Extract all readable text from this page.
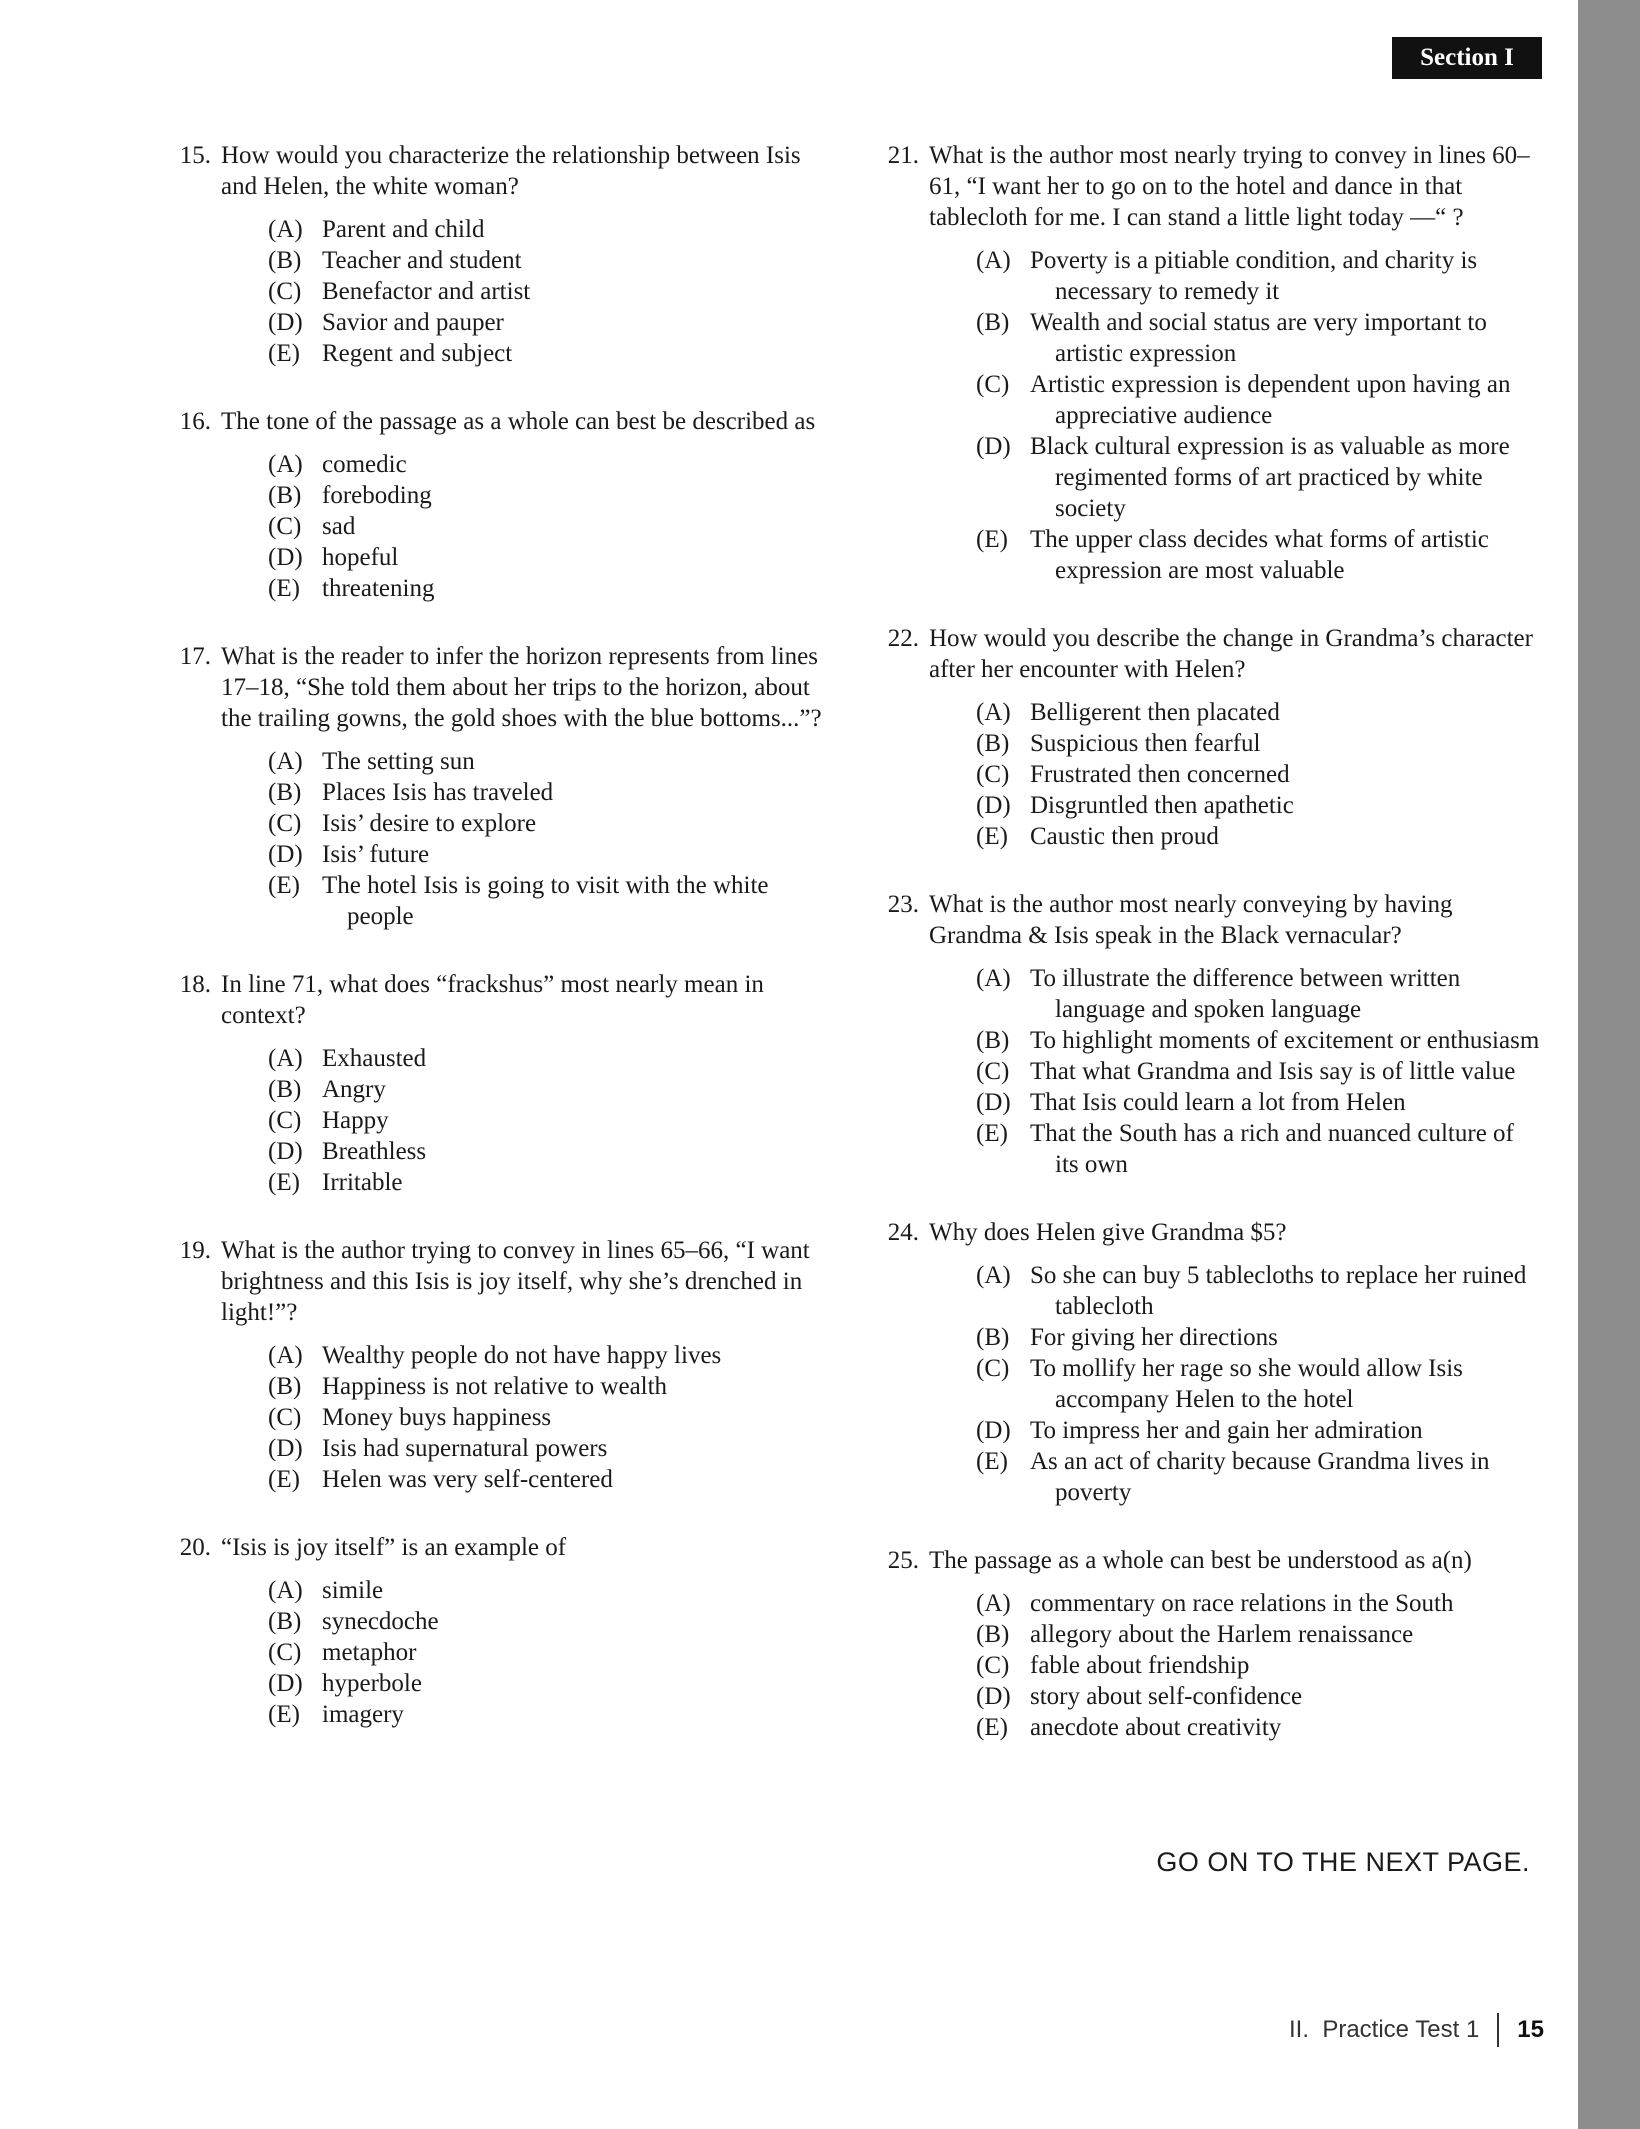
Section I
15. How would you characterize the relationship between Isis and Helen, the white woman?
(A) Parent and child
(B) Teacher and student
(C) Benefactor and artist
(D) Savior and pauper
(E) Regent and subject
16. The tone of the passage as a whole can best be described as
(A) comedic
(B) foreboding
(C) sad
(D) hopeful
(E) threatening
17. What is the reader to infer the horizon represents from lines 17–18, “She told them about her trips to the horizon, about the trailing gowns, the gold shoes with the blue bottoms...”?
(A) The setting sun
(B) Places Isis has traveled
(C) Isis’ desire to explore
(D) Isis’ future
(E) The hotel Isis is going to visit with the white people
18. In line 71, what does “frackshus” most nearly mean in context?
(A) Exhausted
(B) Angry
(C) Happy
(D) Breathless
(E) Irritable
19. What is the author trying to convey in lines 65–66, “I want brightness and this Isis is joy itself, why she’s drenched in light!”?
(A) Wealthy people do not have happy lives
(B) Happiness is not relative to wealth
(C) Money buys happiness
(D) Isis had supernatural powers
(E) Helen was very self-centered
20. “Isis is joy itself” is an example of
(A) simile
(B) synecdoche
(C) metaphor
(D) hyperbole
(E) imagery
21. What is the author most nearly trying to convey in lines 60–61, “I want her to go on to the hotel and dance in that tablecloth for me. I can stand a little light today —“ ?
(A) Poverty is a pitiable condition, and charity is necessary to remedy it
(B) Wealth and social status are very important to artistic expression
(C) Artistic expression is dependent upon having an appreciative audience
(D) Black cultural expression is as valuable as more regimented forms of art practiced by white society
(E) The upper class decides what forms of artistic expression are most valuable
22. How would you describe the change in Grandma’s character after her encounter with Helen?
(A) Belligerent then placated
(B) Suspicious then fearful
(C) Frustrated then concerned
(D) Disgruntled then apathetic
(E) Caustic then proud
23. What is the author most nearly conveying by having Grandma & Isis speak in the Black vernacular?
(A) To illustrate the difference between written language and spoken language
(B) To highlight moments of excitement or enthusiasm
(C) That what Grandma and Isis say is of little value
(D) That Isis could learn a lot from Helen
(E) That the South has a rich and nuanced culture of its own
24. Why does Helen give Grandma $5?
(A) So she can buy 5 tablecloths to replace her ruined tablecloth
(B) For giving her directions
(C) To mollify her rage so she would allow Isis accompany Helen to the hotel
(D) To impress her and gain her admiration
(E) As an act of charity because Grandma lives in poverty
25. The passage as a whole can best be understood as a(n)
(A) commentary on race relations in the South
(B) allegory about the Harlem renaissance
(C) fable about friendship
(D) story about self-confidence
(E) anecdote about creativity
GO ON TO THE NEXT PAGE.
II.  Practice Test 1 15
